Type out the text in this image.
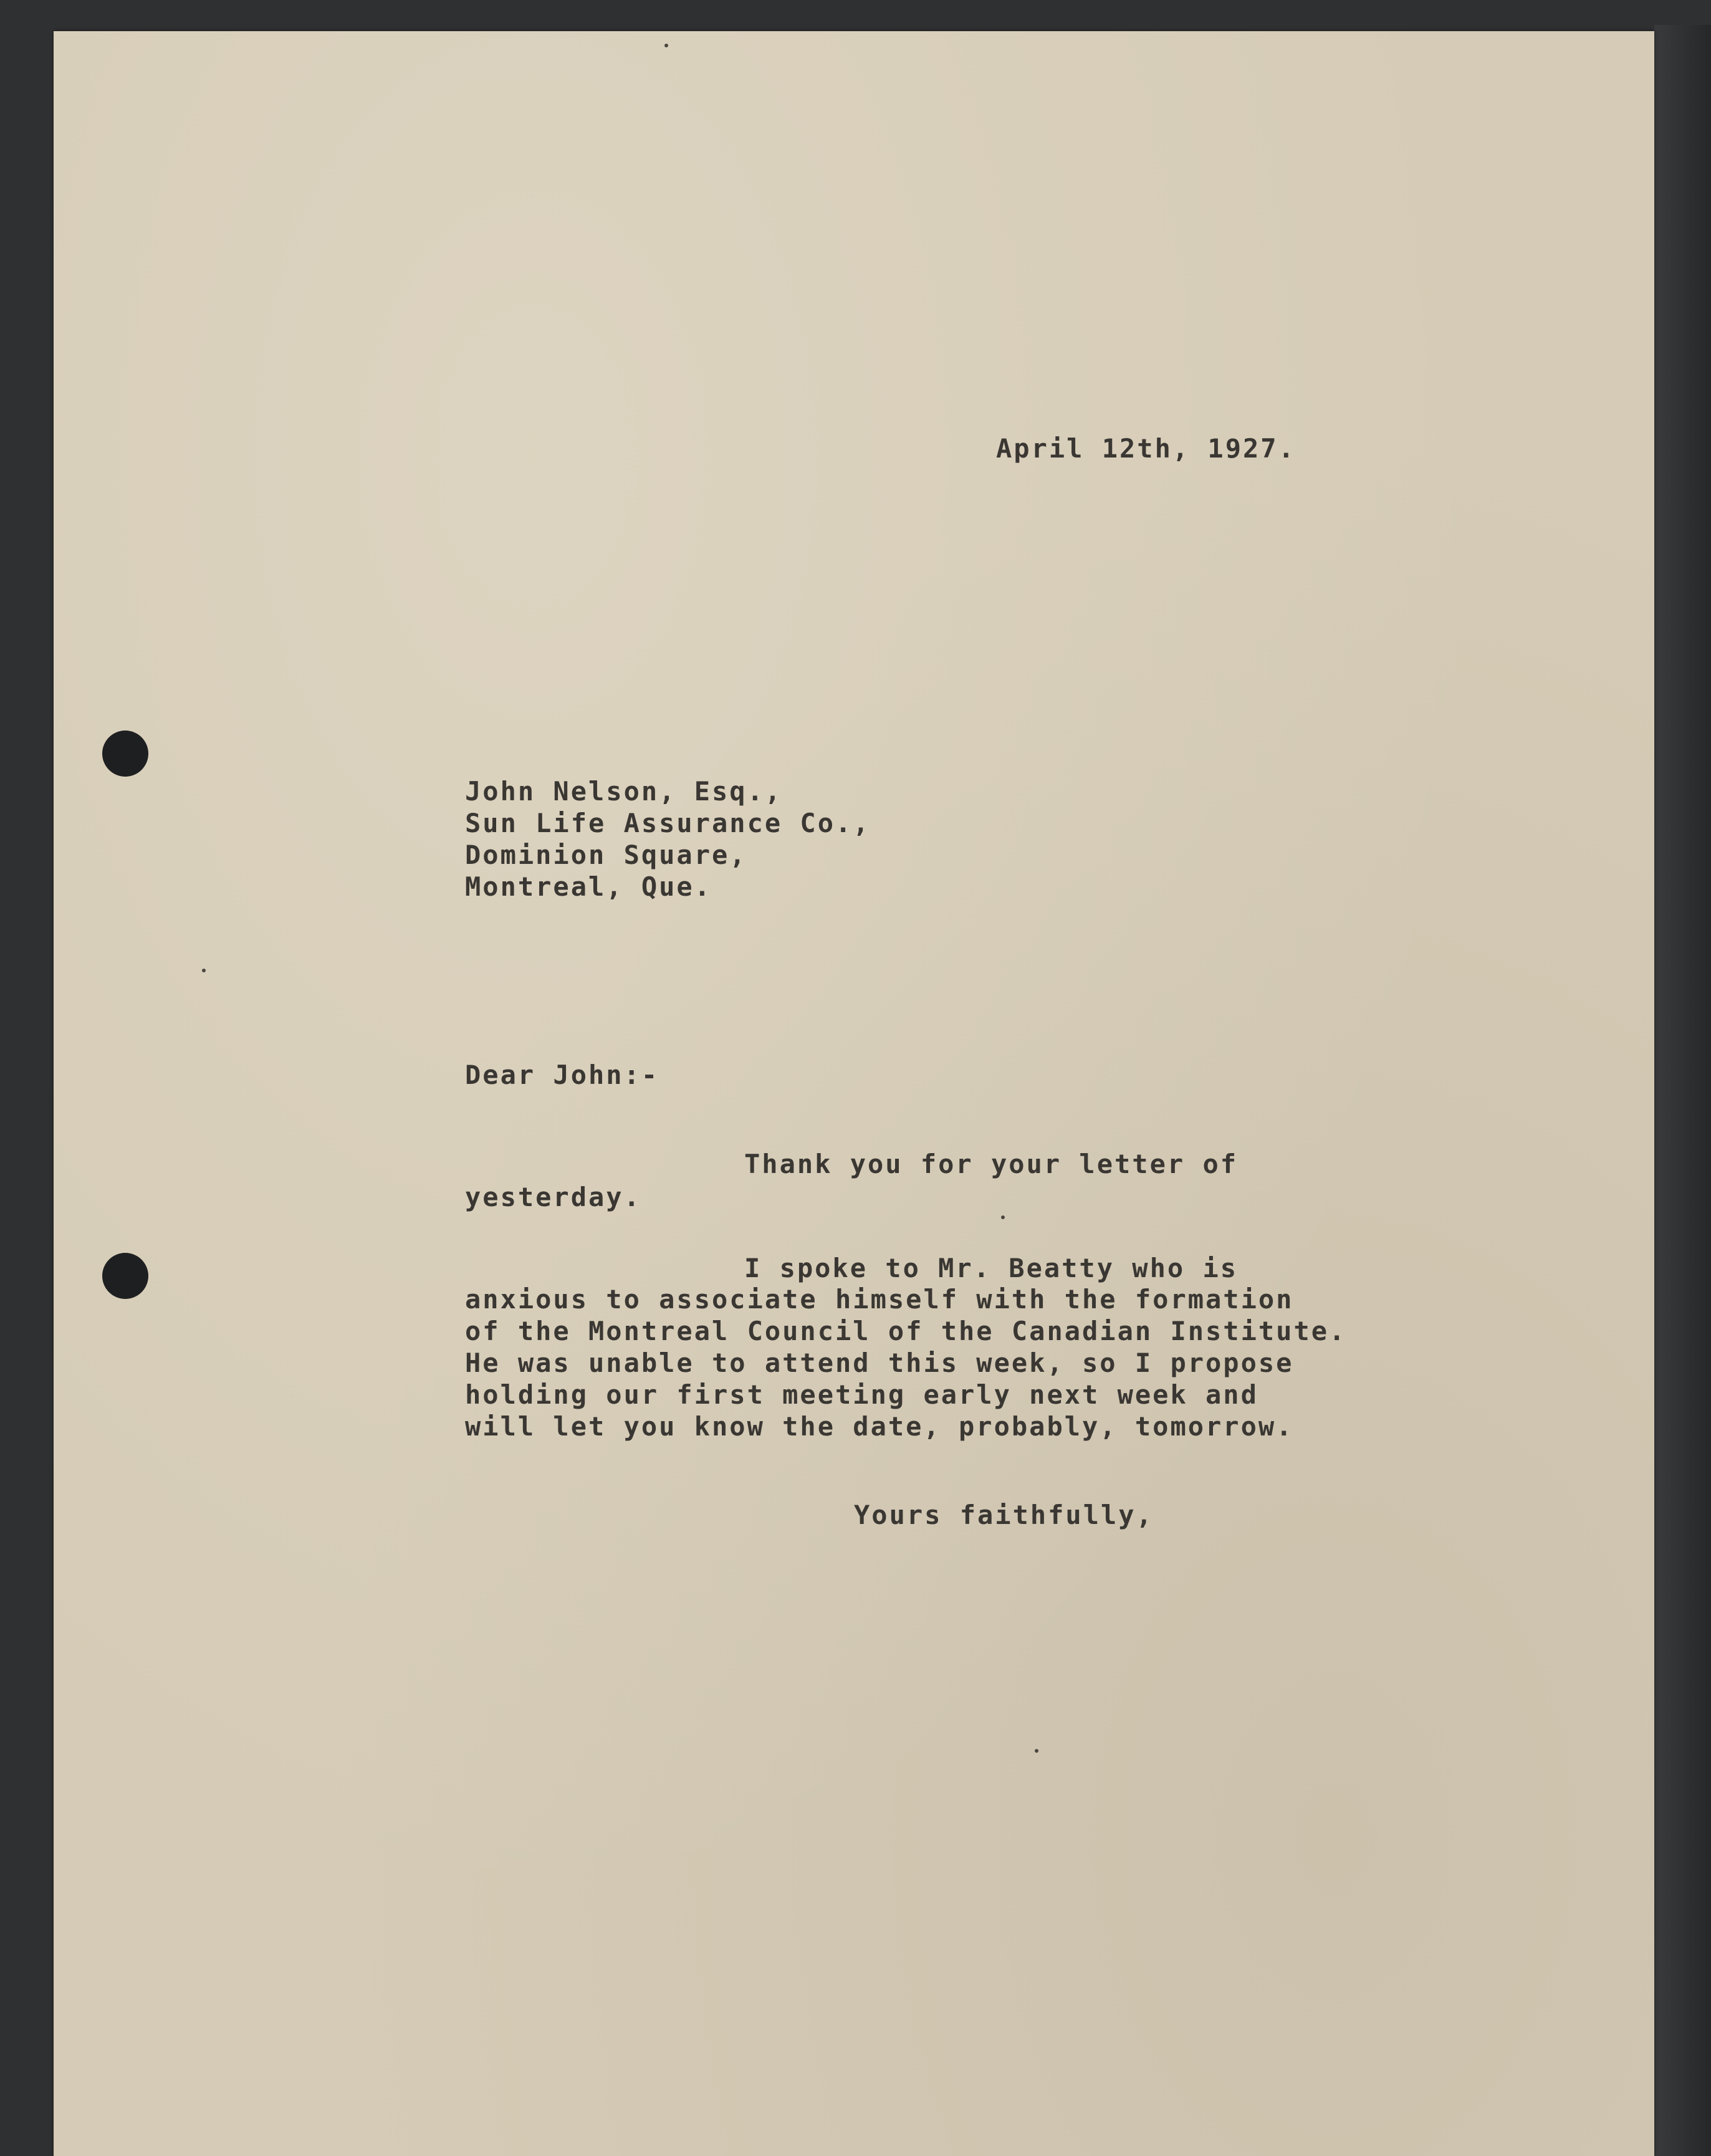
April 12th, 1927.

John Nelson, Esq.,

Sun Life Assurance Co.,

Dominion Square,

Montreal, Que.

Dear John:-

Thank you for your letter of

yesterday.

I spoke to Mr. Beatty who is

anxious to associate himself with the formation

of the Montreal Council of the Canadian Institute.

He was unable to attend this week, so I propose

holding our first meeting early next week and

will let you know the date, probably, tomorrow.

Yours faithfully,
